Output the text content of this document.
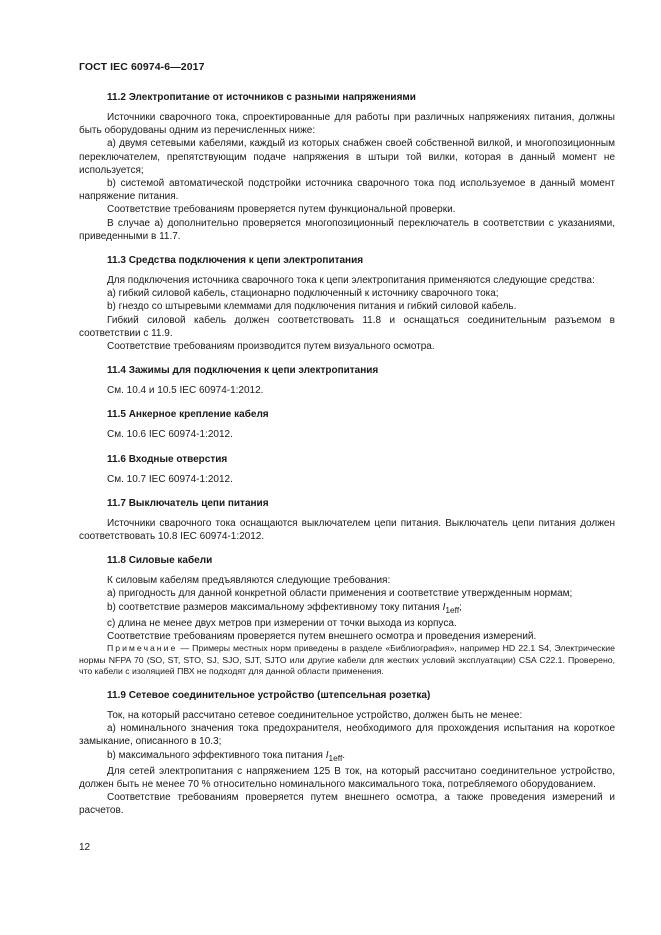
ГОСТ IEC 60974-6—2017
11.2 Электропитание от источников с разными напряжениями

Источники сварочного тока, спроектированные для работы при различных напряжениях питания, должны быть оборудованы одним из перечисленных ниже:

a) двумя сетевыми кабелями, каждый из которых снабжен своей собственной вилкой, и многопозиционным переключателем, препятствующим подаче напряжения в штыри той вилки, которая в данный момент не используется;

b) системой автоматической подстройки источника сварочного тока под используемое в данный момент напряжение питания.

Соответствие требованиям проверяется путем функциональной проверки.

В случае a) дополнительно проверяется многопозиционный переключатель в соответствии с указаниями, приведенными в 11.7.

11.3 Средства подключения к цепи электропитания

Для подключения источника сварочного тока к цепи электропитания применяются следующие средства:

a) гибкий силовой кабель, стационарно подключенный к источнику сварочного тока;

b) гнездо со штыревыми клеммами для подключения питания и гибкий силовой кабель.

Гибкий силовой кабель должен соответствовать 11.8 и оснащаться соединительным разъемом в соответствии с 11.9.

Соответствие требованиям производится путем визуального осмотра.

11.4 Зажимы для подключения к цепи электропитания

См. 10.4 и 10.5 IEC 60974-1:2012.

11.5 Анкерное крепление кабеля

См. 10.6 IEC 60974-1:2012.

11.6 Входные отверстия

См. 10.7 IEC 60974-1:2012.

11.7 Выключатель цепи питания

Источники сварочного тока оснащаются выключателем цепи питания. Выключатель цепи питания должен соответствовать 10.8 IEC 60974-1:2012.

11.8 Силовые кабели

К силовым кабелям предъявляются следующие требования:

a) пригодность для данной конкретной области применения и соответствие утвержденным нормам;

b) соответствие размеров максимальному эффективному току питания $I_{1eff}$;

c) длина не менее двух метров при измерении от точки выхода из корпуса.

Соответствие требованиям проверяется путем внешнего осмотра и проведения измерений.

Примечание — Примеры местных норм приведены в разделе «Библиография», например HD 22.1 S4, Электрические нормы NFPA 70 (SO, ST, STO, SJ, SJO, SJT, SJTO или другие кабели для жестких условий эксплуатации) CSA C22.1. Проверено, что кабели с изоляцией ПВХ не подходят для данной области применения.

11.9 Сетевое соединительное устройство (штепсельная розетка)

Ток, на который рассчитано сетевое соединительное устройство, должен быть не менее:

a) номинального значения тока предохранителя, необходимого для прохождения испытания на короткое замыкание, описанного в 10.3;

b) максимального эффективного тока питания $I_{1eff}$.

Для сетей электропитания с напряжением 125 В ток, на который рассчитано соединительное устройство, должен быть не менее 70 % относительно номинального максимального тока, потребляемого оборудованием.

Соответствие требованиям проверяется путем внешнего осмотра, а также проведения измерений и расчетов.

12
